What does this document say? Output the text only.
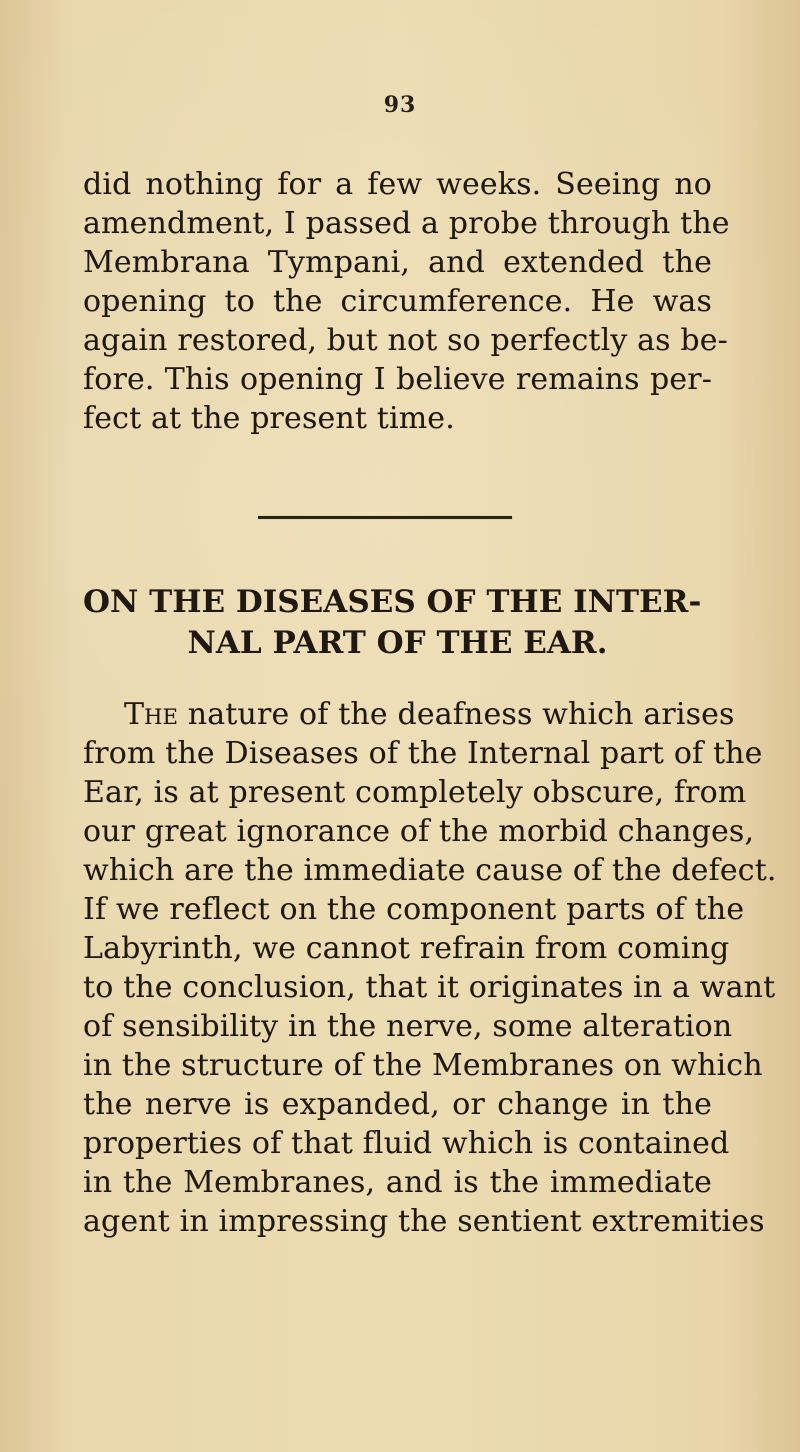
93
did nothing for a few weeks. Seeing no
amendment, I passed a probe through the
Membrana Tympani, and extended the
opening to the circumference. He was
again restored, but not so perfectly as be-
fore. This opening I believe remains per-
fect at the present time.
ON THE DISEASES OF THE INTER-
NAL PART OF THE EAR.
The nature of the deafness which arises
from the Diseases of the Internal part of the
Ear, is at present completely obscure, from
our great ignorance of the morbid changes,
which are the immediate cause of the defect.
If we reflect on the component parts of the
Labyrinth, we cannot refrain from coming
to the conclusion, that it originates in a want
of sensibility in the nerve, some alteration
in the structure of the Membranes on which
the nerve is expanded, or change in the
properties of that fluid which is contained
in the Membranes, and is the immediate
agent in impressing the sentient extremities
